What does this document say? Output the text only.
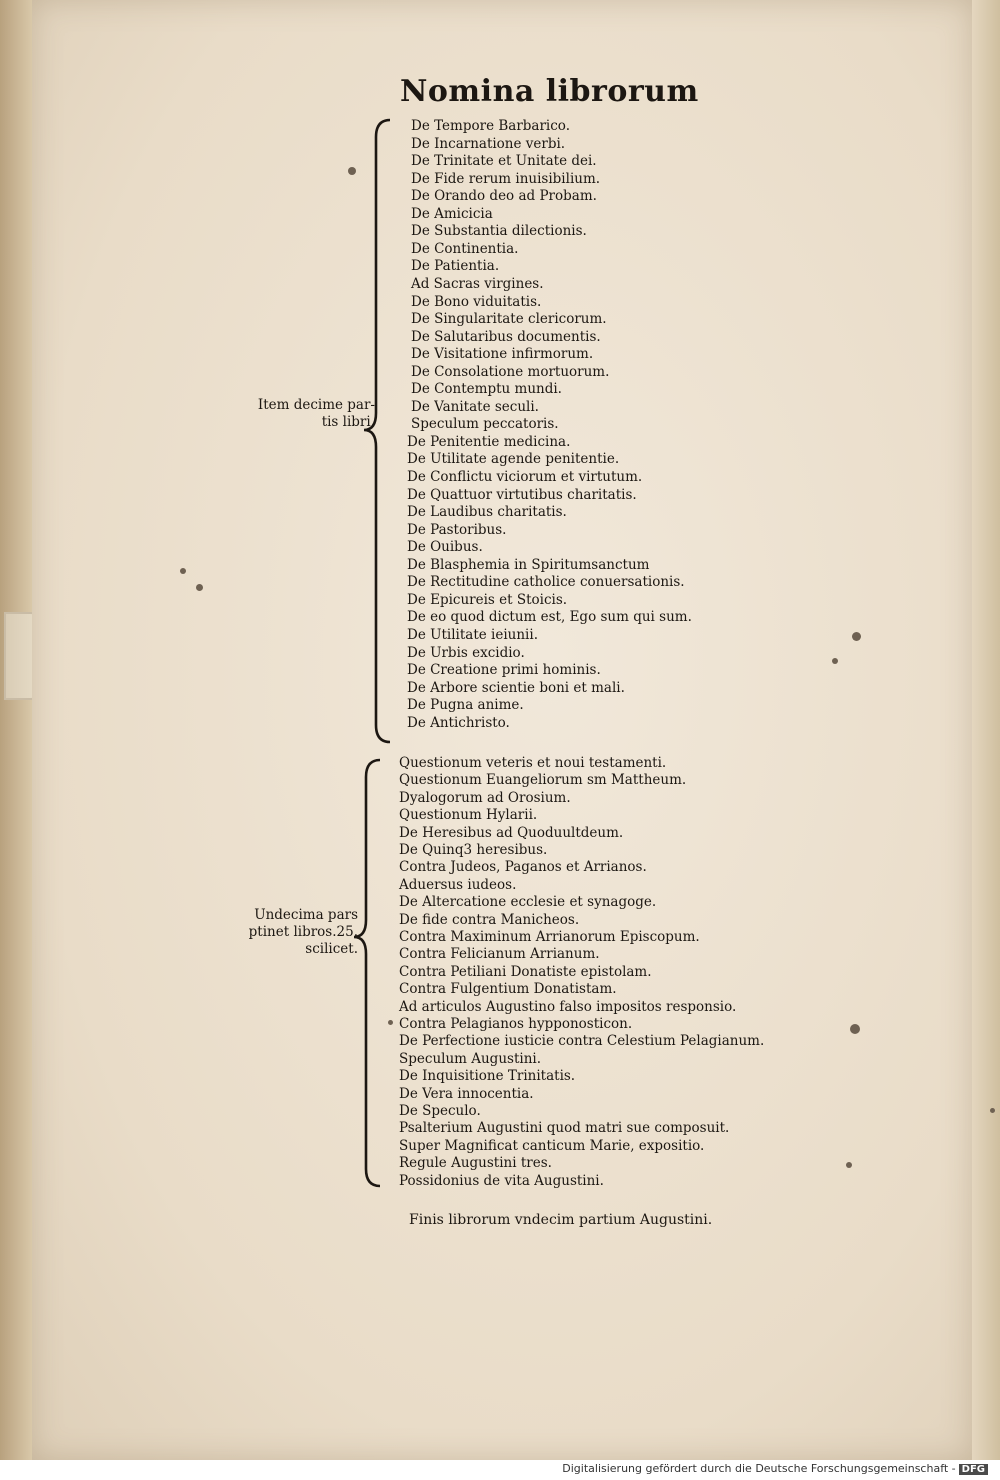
Nomina librorum
De Tempore Barbarico.
De Incarnatione verbi.
De Trinitate et Unitate dei.
De Fide rerum inuisibilium.
De Orando deo ad Probam.
De Amicicia
De Substantia dilectionis.
De Continentia.
De Patientia.
Ad Sacras virgines.
De Bono viduitatis.
De Singularitate clericorum.
De Salutaribus documentis.
De Visitatione infirmorum.
De Consolatione mortuorum.
De Contemptu mundi.
De Vanitate seculi.
Speculum peccatoris.
De Penitentie medicina.
De Utilitate agende penitentie.
De Conflictu viciorum et virtutum.
De Quattuor virtutibus charitatis.
De Laudibus charitatis.
De Pastoribus.
De Ouibus.
De Blasphemia in Spiritumsanctum
De Rectitudine catholice conuersationis.
De Epicureis et Stoicis.
De eo quod dictum est, Ego sum qui sum.
De Utilitate ieiunii.
De Urbis excidio.
De Creatione primi hominis.
De Arbore scientie boni et mali.
De Pugna anime.
De Antichristo.
Item decime par-
tis libri.
Questionum veteris et noui testamenti.
Questionum Euangeliorum sm Mattheum.
Dyalogorum ad Orosium.
Questionum Hylarii.
De Heresibus ad Quoduultdeum.
De Quinq3 heresibus.
Contra Judeos, Paganos et Arrianos.
Aduersus iudeos.
De Altercatione ecclesie et synagoge.
De fide contra Manicheos.
Contra Maximinum Arrianorum Episcopum.
Contra Felicianum Arrianum.
Contra Petiliani Donatiste epistolam.
Contra Fulgentium Donatistam.
Ad articulos Augustino falso impositos responsio.
Contra Pelagianos hypponosticon.
De Perfectione iusticie contra Celestium Pelagianum.
Speculum Augustini.
De Inquisitione Trinitatis.
De Vera innocentia.
De Speculo.
Psalterium Augustini quod matri sue composuit.
Super Magnificat canticum Marie, expositio.
Regule Augustini tres.
Possidonius de vita Augustini.
Undecima pars
ptinet libros.25.
scilicet.
Finis librorum vndecim partium Augustini.
Digitalisierung gefördert durch die Deutsche Forschungsgemeinschaft - DFG
